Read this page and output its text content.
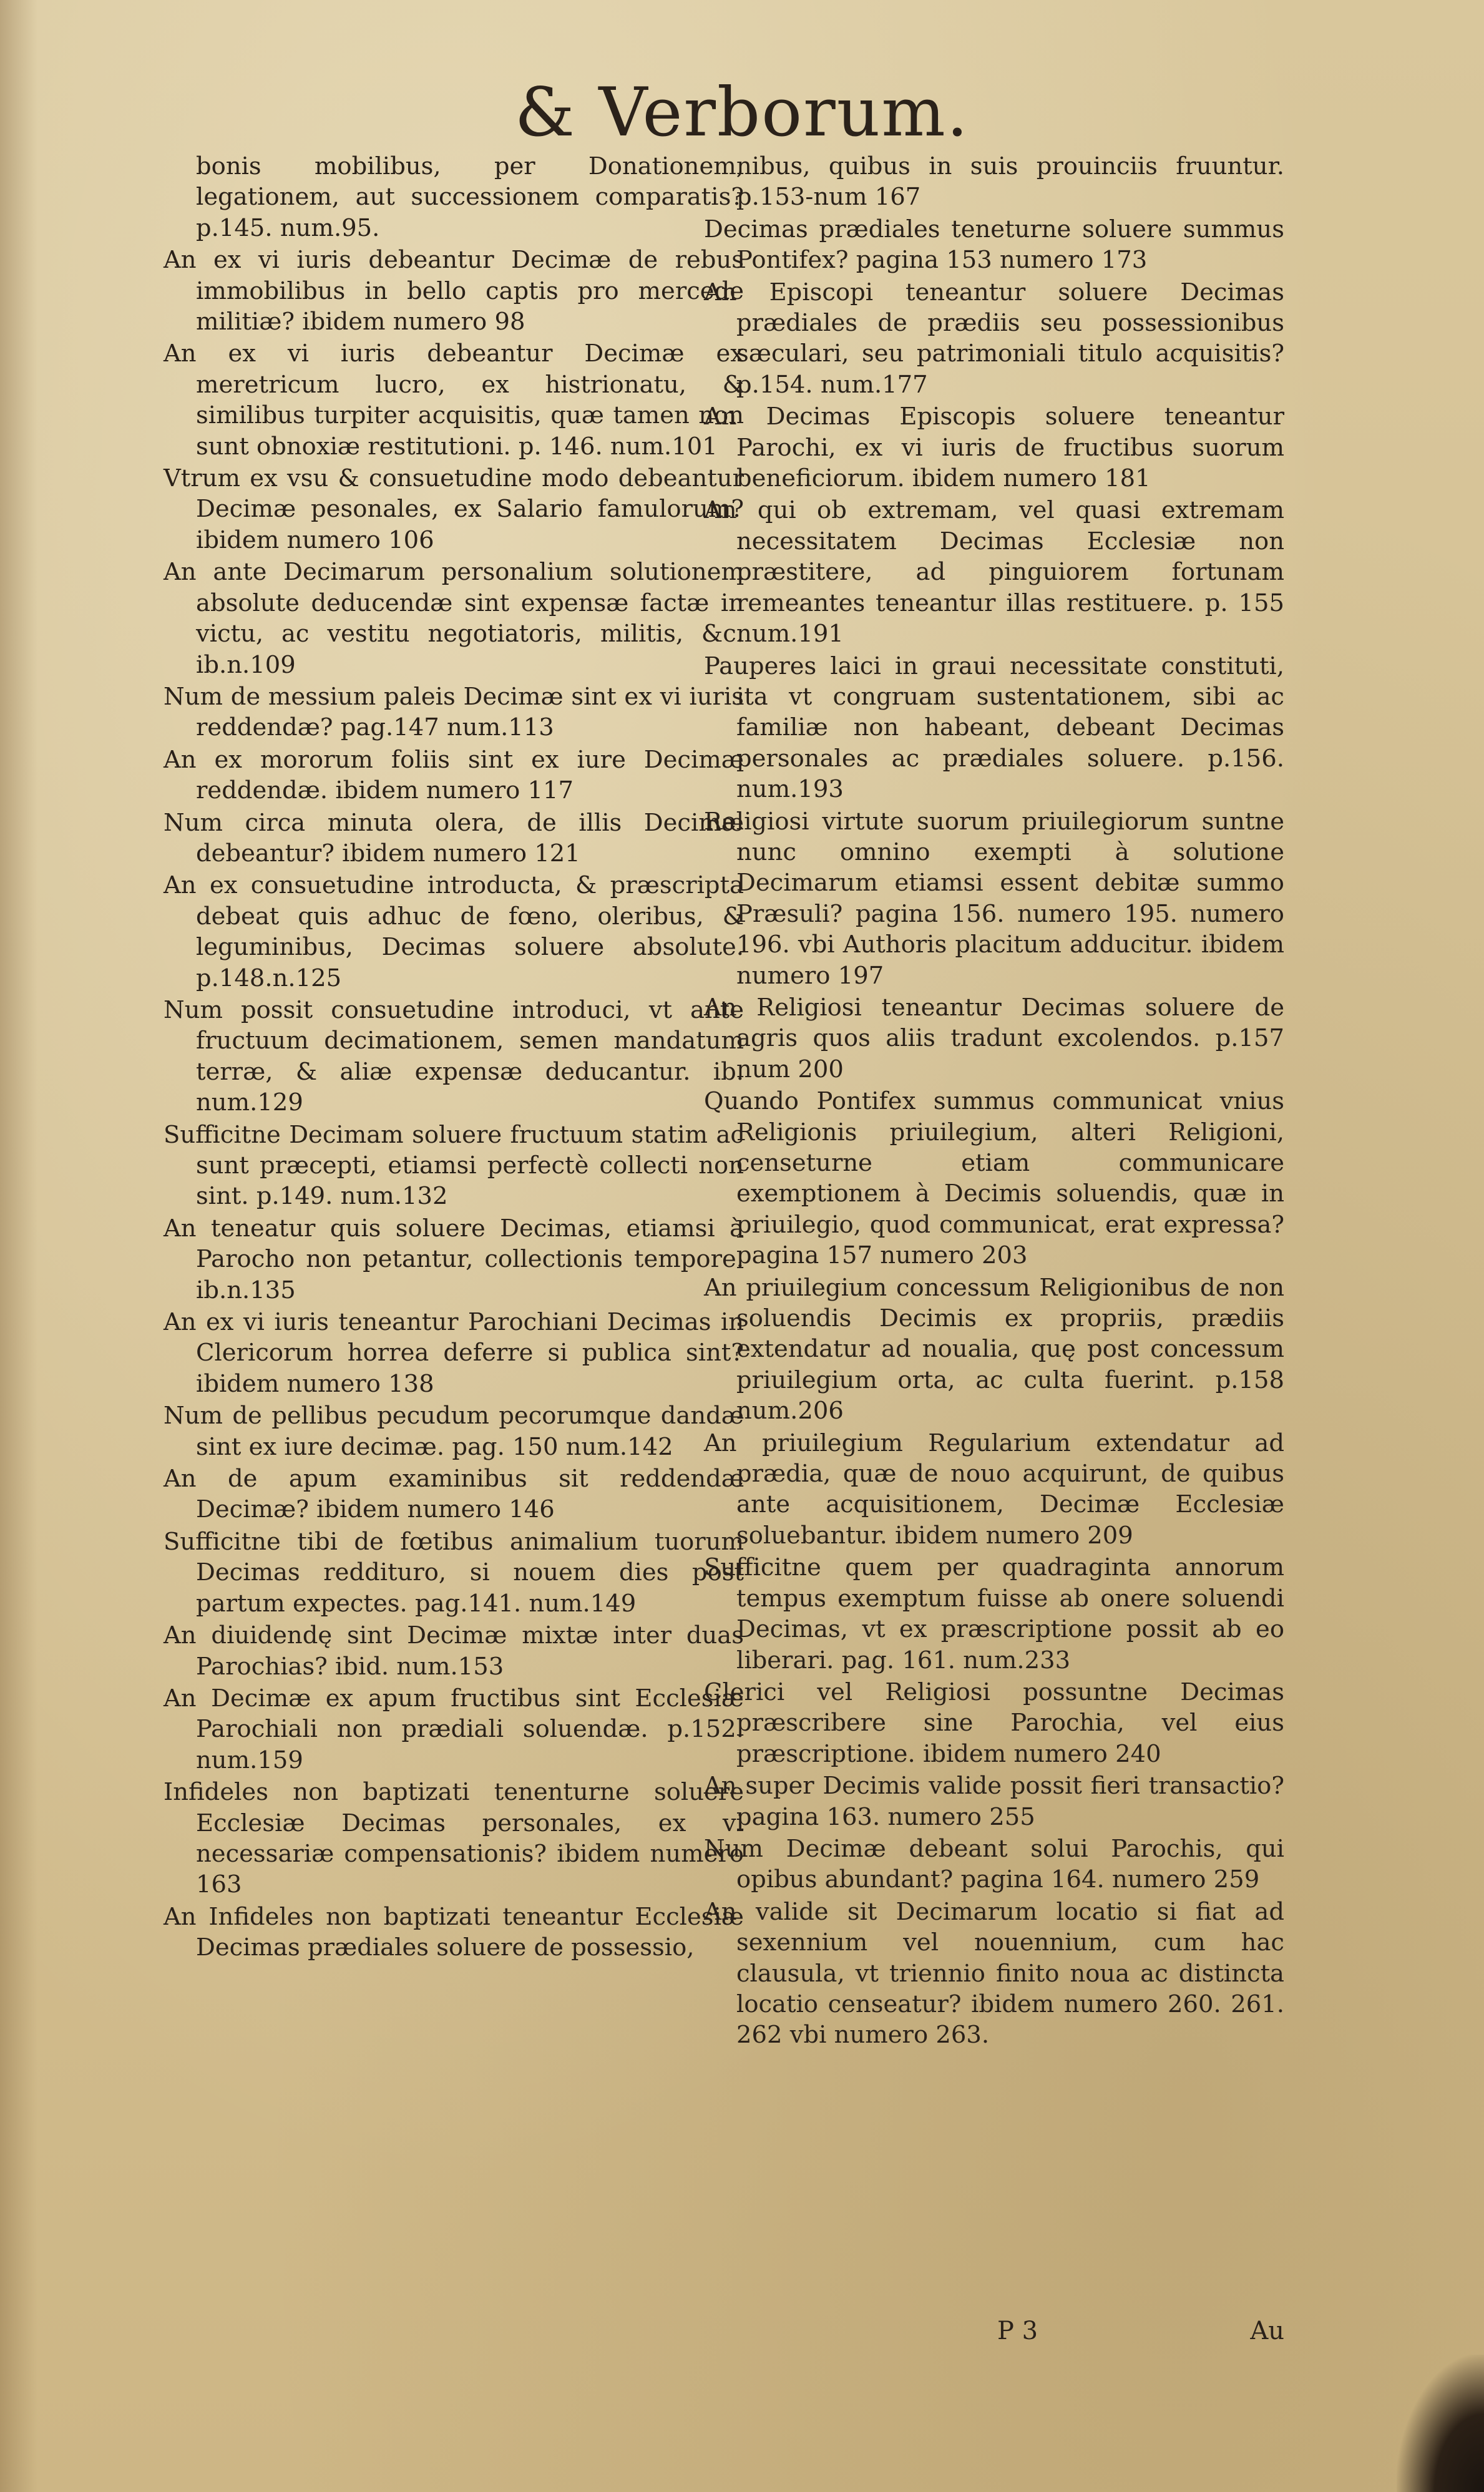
& Verborum.
bonis mobilibus, per Donationem, legationem, aut successionem comparatis? p.145. num.95.
An ex vi iuris debeantur Decimæ de rebus immobilibus in bello captis pro mercede militiæ? ibidem numero 98
An ex vi iuris debeantur Decimæ ex meretricum lucro, ex histrionatu, & similibus turpiter acquisitis, quæ tamen non sunt obnoxiæ restitutioni. p. 146. num.101
Vtrum ex vsu & consuetudine modo debeantur Decimæ pesonales, ex Salario famulorum? ibidem numero 106
An ante Decimarum personalium solutionem absolute deducendæ sint expensæ factæ in victu, ac vestitu negotiatoris, militis, &c. ib.n.109
Num de messium paleis Decimæ sint ex vi iuris reddendæ? pag.147 num.113
An ex mororum foliis sint ex iure Decimæ reddendæ. ibidem numero 117
Num circa minuta olera, de illis Decimæ debeantur? ibidem numero 121
An ex consuetudine introducta, & præscripta debeat quis adhuc de fœno, oleribus, & leguminibus, Decimas soluere absolute. p.148.n.125
Num possit consuetudine introduci, vt ante fructuum decimationem, semen mandatum terræ, & aliæ expensæ deducantur. ib. num.129
Sufficitne Decimam soluere fructuum statim ac sunt præcepti, etiamsi perfectè collecti non sint. p.149. num.132
An teneatur quis soluere Decimas, etiamsi à Parocho non petantur, collectionis tempore. ib.n.135
An ex vi iuris teneantur Parochiani Decimas in Clericorum horrea deferre si publica sint? ibidem numero 138
Num de pellibus pecudum pecorumque dandæ sint ex iure decimæ. pag. 150 num.142
An de apum examinibus sit reddendæ Decimæ? ibidem numero 146
Sufficitne tibi de fœtibus animalium tuorum Decimas redditurο, si nouem dies post partum expectes. pag.141. num.149
An diuidendę sint Decimæ mixtæ inter duas Parochias? ibid. num.153
An Decimæ ex apum fructibus sint Ecclesiæ Parochiali non prædiali soluendæ. p.152. num.159
Infideles non baptizati tenenturne soluere Ecclesiæ Decimas personales, ex vi necessariæ compensationis? ibidem numero 163
An Infideles non baptizati teneantur Ecclesiæ Decimas prædiales soluere de possessio,
nibus, quibus in suis prouinciis fruuntur. p.153-num 167
Decimas prædiales teneturne soluere summus Pontifex? pagina 153 numero 173
An Episcopi teneantur soluere Decimas prædiales de prædiis seu possessionibus sæculari, seu patrimoniali titulo acquisitis? p.154. num.177
An Decimas Episcopis soluere teneantur Parochi, ex vi iuris de fructibus suorum beneficiorum. ibidem numero 181
An qui ob extremam, vel quasi extremam necessitatem Decimas Ecclesiæ non præstitere, ad pinguiorem fortunam remeantes teneantur illas restituere. p. 155 num.191
Pauperes laici in graui necessitate constituti, ita vt congruam sustentationem, sibi ac familiæ non habeant, debeant Decimas personales ac prædiales soluere. p.156. num.193
Religiosi virtute suorum priuilegiorum suntne nunc omnino exempti à solutione Decimarum etiamsi essent debitæ summo Præsuli? pagina 156. numero 195. numero 196. vbi Authoris placitum adducitur. ibidem numero 197
An Religiosi teneantur Decimas soluere de agris quos aliis tradunt excolendos. p.157 num 200
Quando Pontifex summus communicat vnius Religionis priuilegium, alteri Religioni, censeturne etiam communicare exemptionem à Decimis soluendis, quæ in priuilegio, quod communicat, erat expressa? pagina 157 numero 203
An priuilegium concessum Religionibus de non soluendis Decimis ex propriis, prædiis extendatur ad noualia, quę post concessum priuilegium orta, ac culta fuerint. p.158 num.206
An priuilegium Regularium extendatur ad prædia, quæ de nouo acquirunt, de quibus ante acquisitionem, Decimæ Ecclesiæ soluebantur. ibidem numero 209
Sufficitne quem per quadraginta annorum tempus exemptum fuisse ab onere soluendi Decimas, vt ex præscriptione possit ab eo liberari. pag. 161. num.233
Clerici vel Religiosi possuntne Decimas præscribere sine Parochia, vel eius præscriptione. ibidem numero 240
An super Decimis valide possit fieri transactio? pagina 163. numero 255
Num Decimæ debeant solui Parochis, qui opibus abundant? pagina 164. numero 259
An valide sit Decimarum locatio si fiat ad sexennium vel nouennium, cum hac clausula, vt triennio finito noua ac distincta locatio censeatur? ibidem numero 260. 261. 262 vbi numero 263.
P 3	Au
